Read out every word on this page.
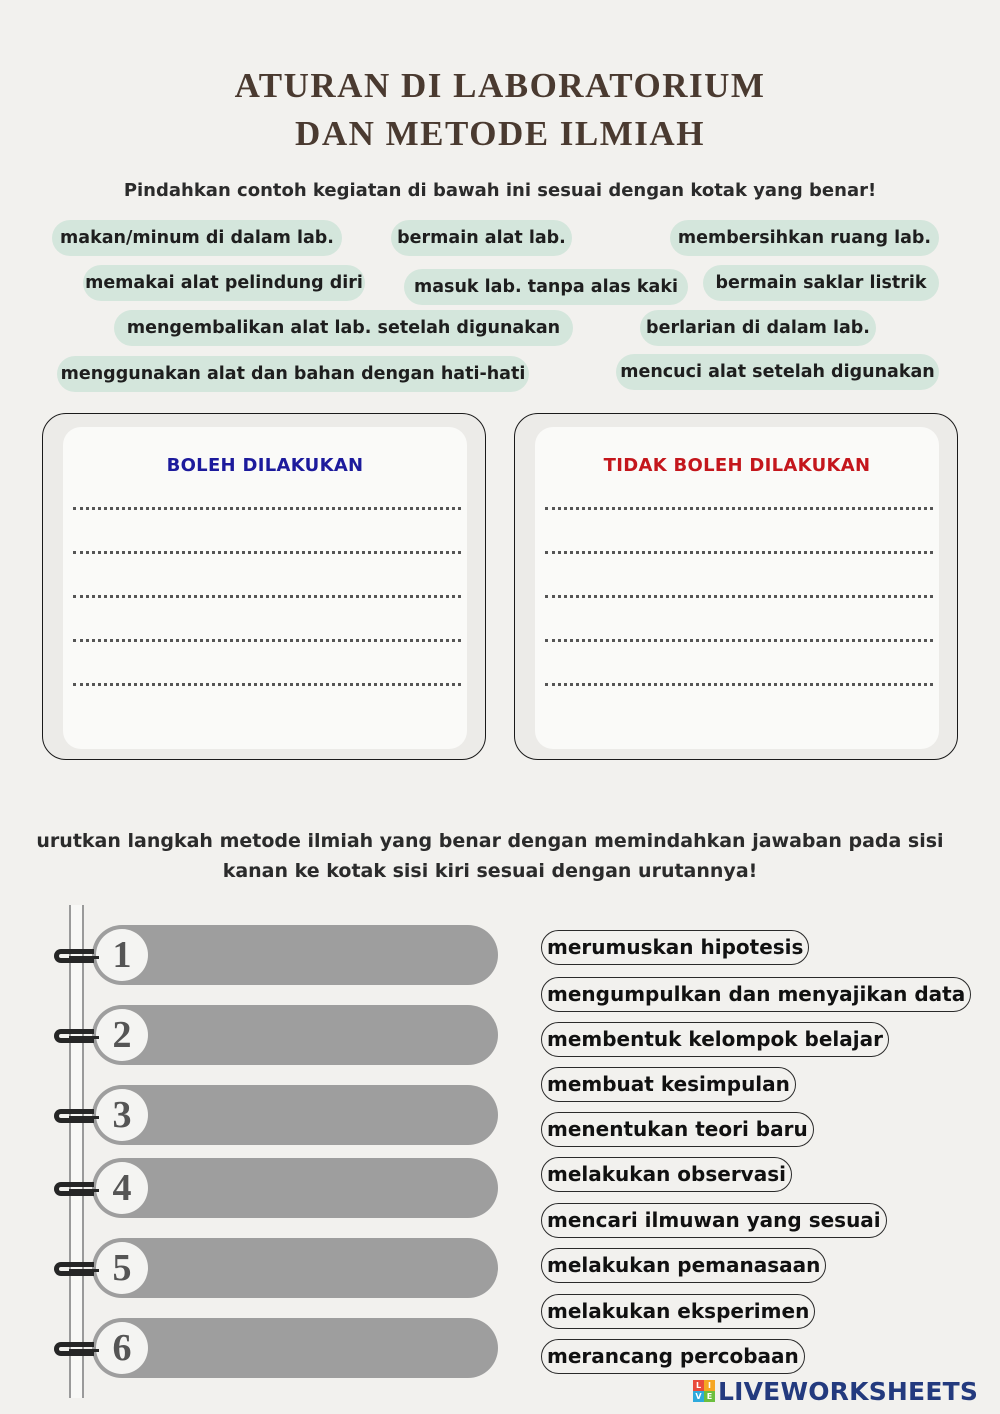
ATURAN DI LABORATORIUM
DAN METODE ILMIAH
Pindahkan contoh kegiatan di bawah ini sesuai dengan kotak yang benar!
makan/minum di dalam lab.	bermain alat lab.	membersihkan ruang lab.
memakai alat pelindung diri	masuk lab. tanpa alas kaki	bermain saklar listrik
mengembalikan alat lab. setelah digunakan	berlarian di dalam lab.
menggunakan alat dan bahan dengan hati-hati	mencuci alat setelah digunakan
BOLEH DILAKUKAN	TIDAK BOLEH DILAKUKAN
urutkan langkah metode ilmiah yang benar dengan memindahkan jawaban pada sisi
kanan ke kotak sisi kiri sesuai dengan urutannya!
1
2
3
4
5
6
merumuskan hipotesis
mengumpulkan dan menyajikan data
membentuk kelompok belajar
membuat kesimpulan
menentukan teori baru
melakukan observasi
mencari ilmuwan yang sesuai
melakukan pemanasaan
melakukan eksperimen
merancang percobaan
L I
V E LIVEWORKSHEETS
